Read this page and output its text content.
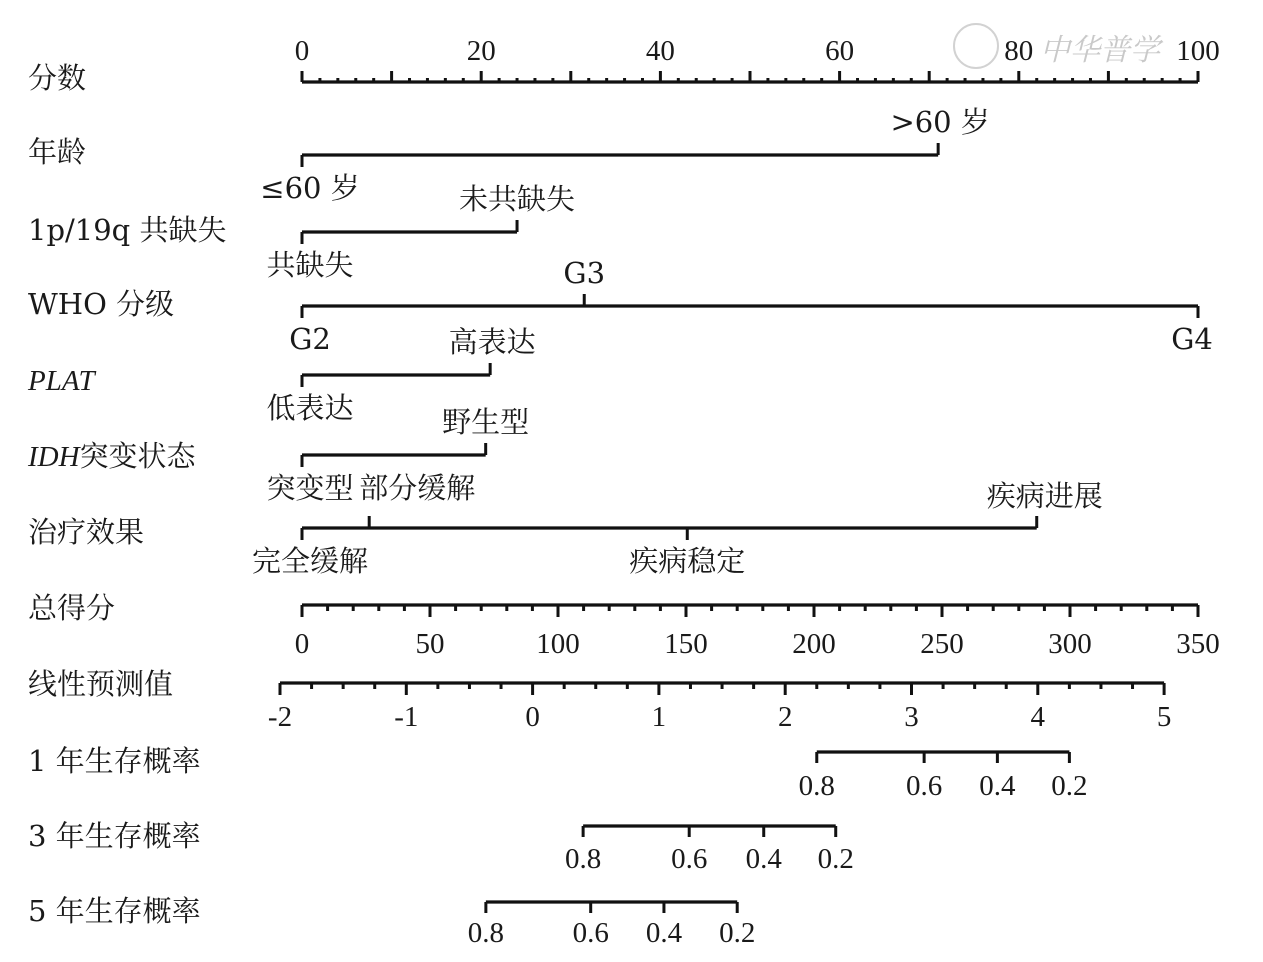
中华普学
分数
年龄
1p/19q 共缺失
WHO 分级
PLAT
IDH突变状态
治疗效果
总得分
线性预测值
1 年生存概率
3 年生存概率
5 年生存概率
0	20	40	60	80	100
≤60 岁
>60 岁
共缺失
未共缺失
G2
G3
G4
低表达
高表达
突变型
野生型
完全缓解
部分缓解
疾病稳定
疾病进展
0	50	100	150	200	250	300	350
-2	-1	0	1	2	3	4	5
0.8 0.6 0.4 0.2
0.8 0.6 0.4 0.2
0.8 0.6 0.4 0.2
